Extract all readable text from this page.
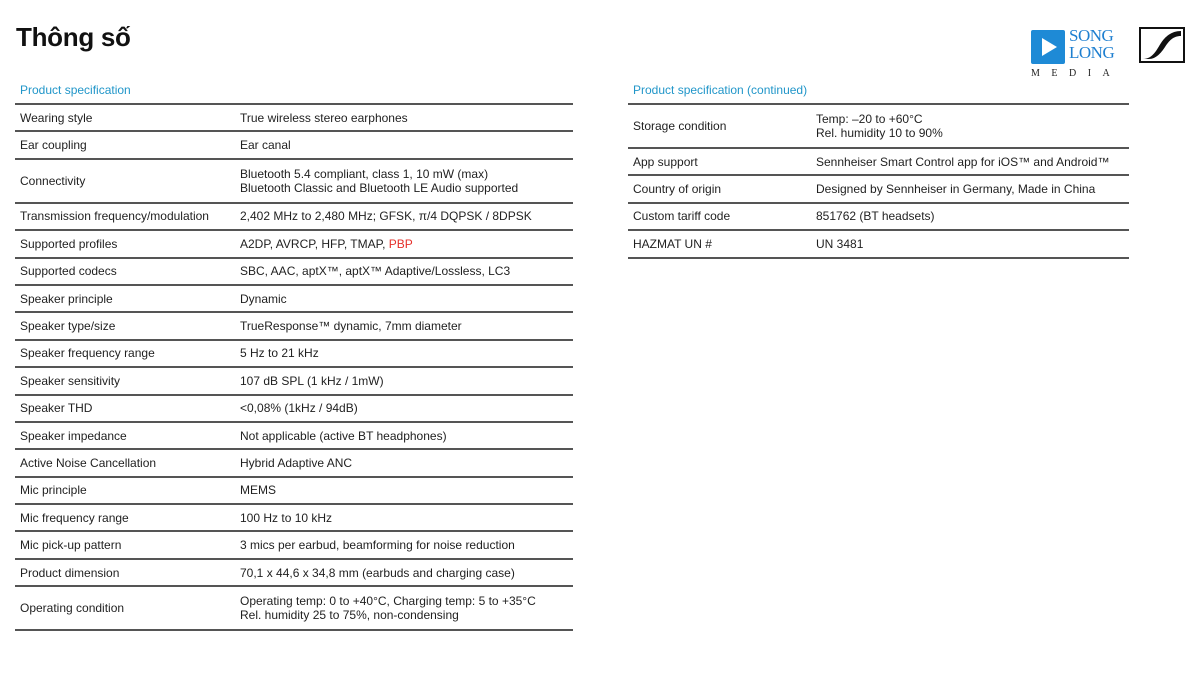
Thông số	SONG
LONG
MEDIA
Product specification
Wearing style	True wireless stereo earphones

Ear coupling	Ear canal

Connectivity	Bluetooth 5.4 compliant, class 1, 10 mW (max)
Bluetooth Classic and Bluetooth LE Audio supported

Transmission frequency/modulation	2,402 MHz to 2,480 MHz; GFSK, π/4 DQPSK / 8DPSK

Supported profiles	A2DP, AVRCP, HFP, TMAP, PBP
Supported codecs	SBC, AAC, aptX™, aptX™ Adaptive/Lossless, LC3

Speaker principle	Dynamic

Speaker type/size	TrueResponse™ dynamic, 7mm diameter

Speaker frequency range	5 Hz to 21 kHz

Speaker sensitivity	107 dB SPL (1 kHz / 1mW)

Speaker THD	<0,08% (1kHz / 94dB)

Speaker impedance	Not applicable (active BT headphones)

Active Noise Cancellation	Hybrid Adaptive ANC

Mic principle	MEMS

Mic frequency range	100 Hz to 10 kHz

Mic pick-up pattern	3 mics per earbud, beamforming for noise reduction

Product dimension	70,1 x 44,6 x 34,8 mm (earbuds and charging case)

Operating condition	Operating temp: 0 to +40°C, Charging temp: 5 to +35°C
Rel. humidity 25 to 75%, non-condensing
Product specification (continued)
Storage condition	Temp: –20 to +60°C
Rel. humidity 10 to 90%

App support	Sennheiser Smart Control app for iOS™ and Android™

Country of origin	Designed by Sennheiser in Germany, Made in China

Custom tariff code	851762 (BT headsets)

HAZMAT UN #	UN 3481
